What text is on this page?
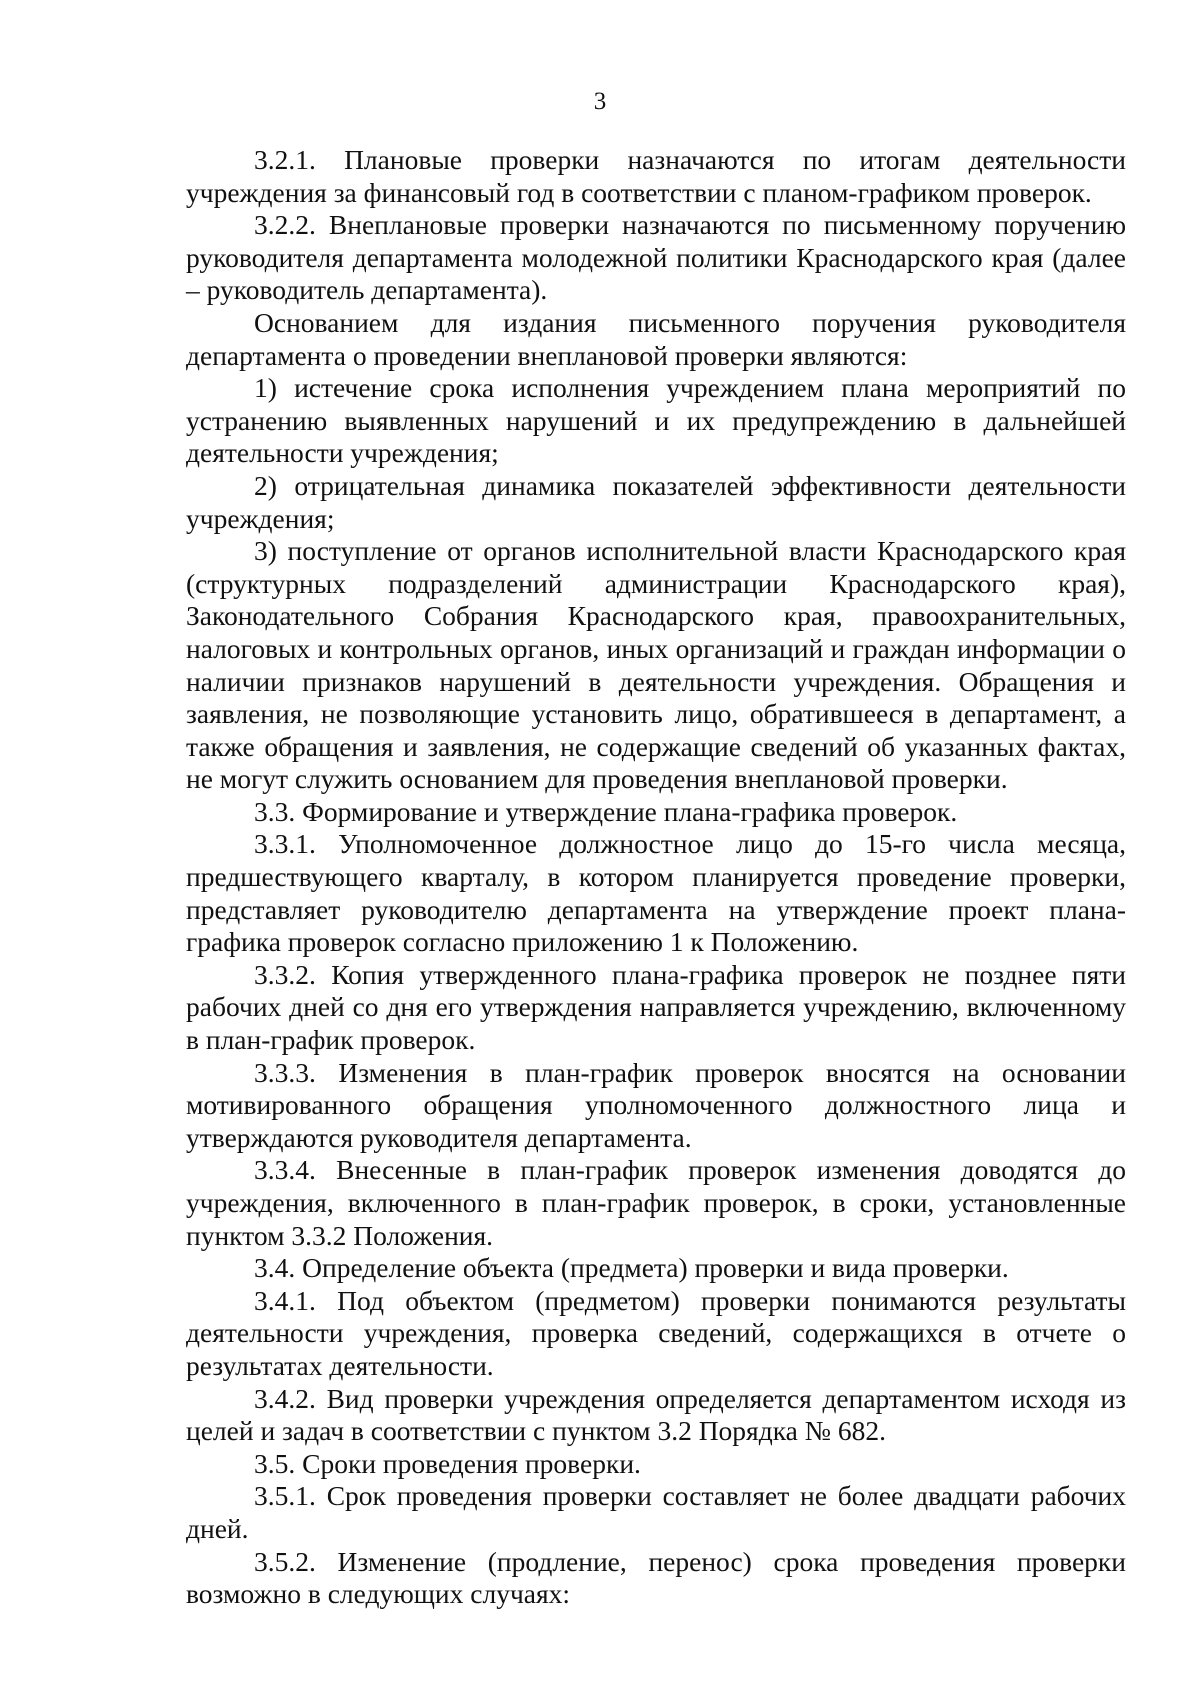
3

3.2.1. Плановые проверки назначаются по итогам деятельности учреждения за финансовый год в соответствии с планом-графиком проверок.

3.2.2. Внеплановые проверки назначаются по письменному поручению руководителя департамента молодежной политики Краснодарского края (далее – руководитель департамента).

Основанием для издания письменного поручения руководителя департамента о проведении внеплановой проверки являются:

1) истечение срока исполнения учреждением плана мероприятий по устранению выявленных нарушений и их предупреждению в дальнейшей деятельности учреждения;

2) отрицательная динамика показателей эффективности деятельности учреждения;

3) поступление от органов исполнительной власти Краснодарского края (структурных подразделений администрации Краснодарского края), Законодательного Собрания Краснодарского края, правоохранительных, налоговых и контрольных органов, иных организаций и граждан информации о наличии признаков нарушений в деятельности учреждения. Обращения и заявления, не позволяющие установить лицо, обратившееся в департамент, а также обращения и заявления, не содержащие сведений об указанных фактах, не могут служить основанием для проведения внеплановой проверки.

3.3. Формирование и утверждение плана-графика проверок.

3.3.1. Уполномоченное должностное лицо до 15-го числа месяца, предшествующего кварталу, в котором планируется проведение проверки, представляет руководителю департамента на утверждение проект плана-графика проверок согласно приложению 1 к Положению.

3.3.2. Копия утвержденного плана-графика проверок не позднее пяти рабочих дней со дня его утверждения направляется учреждению, включенному в план-график проверок.

3.3.3. Изменения в план-график проверок вносятся на основании мотивированного обращения уполномоченного должностного лица и утверждаются руководителя департамента.

3.3.4. Внесенные в план-график проверок изменения доводятся до учреждения, включенного в план-график проверок, в сроки, установленные пунктом 3.3.2 Положения.

3.4. Определение объекта (предмета) проверки и вида проверки.

3.4.1. Под объектом (предметом) проверки понимаются результаты деятельности учреждения, проверка сведений, содержащихся в отчете о результатах деятельности.

3.4.2. Вид проверки учреждения определяется департаментом исходя из целей и задач в соответствии с пунктом 3.2 Порядка № 682.

3.5. Сроки проведения проверки.

3.5.1. Срок проведения проверки составляет не более двадцати рабочих дней.

3.5.2. Изменение (продление, перенос) срока проведения проверки возможно в следующих случаях:
